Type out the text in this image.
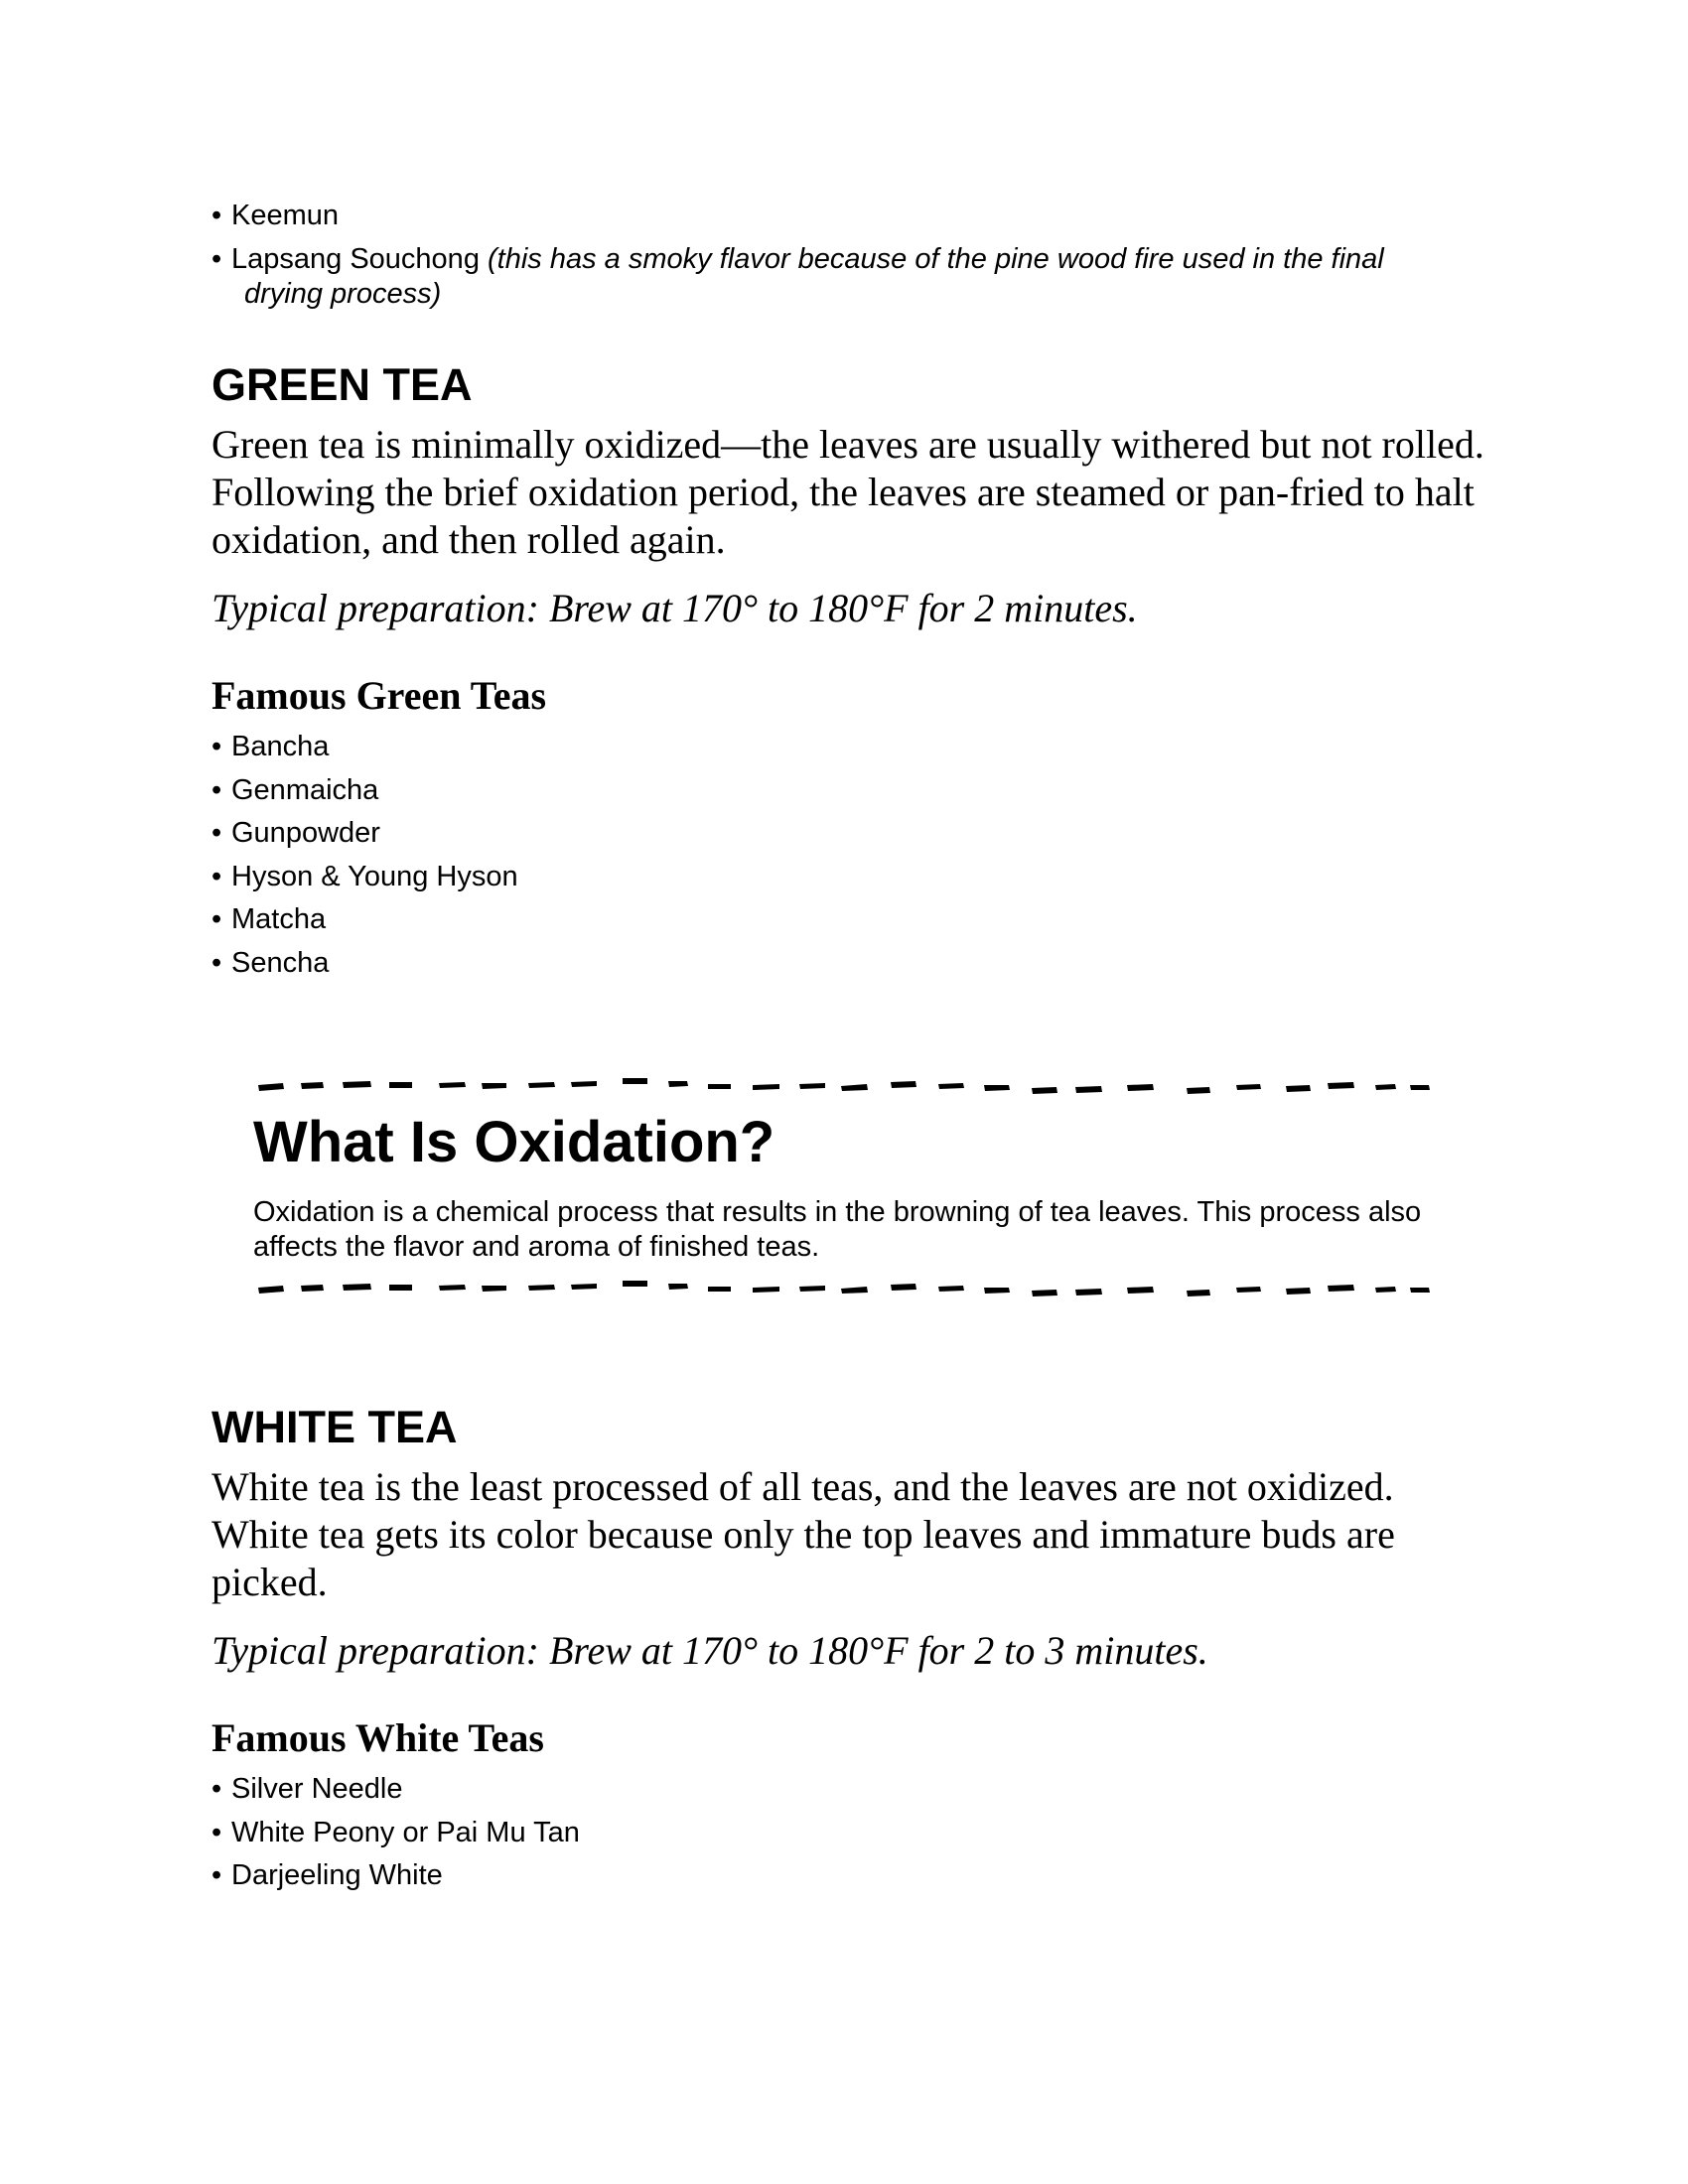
• Keemun
• Lapsang Souchong (this has a smoky flavor because of the pine wood fire used in the final
drying process)
GREEN TEA

Green tea is minimally oxidized—the leaves are usually withered but not rolled. Following the brief oxidation period, the leaves are steamed or pan-fried to halt oxidation, and then rolled again.

Typical preparation: Brew at 170° to 180°F for 2 minutes.

Famous Green Teas
• Bancha
• Genmaicha
• Gunpowder
• Hyson & Young Hyson
• Matcha
• Sencha
What Is Oxidation?

Oxidation is a chemical process that results in the browning of tea leaves. This process also affects the flavor and aroma of finished teas.

WHITE TEA

White tea is the least processed of all teas, and the leaves are not oxidized. White tea gets its color because only the top leaves and immature buds are picked.

Typical preparation: Brew at 170° to 180°F for 2 to 3 minutes.

Famous White Teas
• Silver Needle
• White Peony or Pai Mu Tan
• Darjeeling White
